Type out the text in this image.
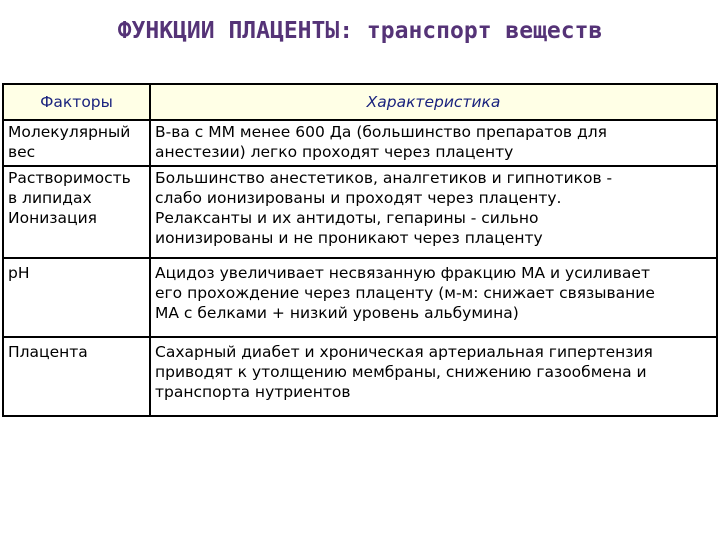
ФУНКЦИИ ПЛАЦЕНТЫ: транспорт веществ
Факторы	Характеристика

Молекулярный
вес	В-ва с ММ менее 600 Да (большинство препаратов для
анестезии) легко проходят через плаценту

Растворимость
в липидах
Ионизация	Большинство анестетиков, аналгетиков и гипнотиков -
слабо ионизированы и проходят через плаценту.
Релаксанты и их антидоты, гепарины - сильно
ионизированы и не проникают через плаценту

pH	Ацидоз увеличивает несвязанную фракцию МА и усиливает
его прохождение через плаценту (м-м: снижает связывание
МА с белками + низкий уровень альбумина)

Плацента	Сахарный диабет и хроническая артериальная гипертензия
приводят к утолщению мембраны, снижению газообмена и
транспорта нутриентов
